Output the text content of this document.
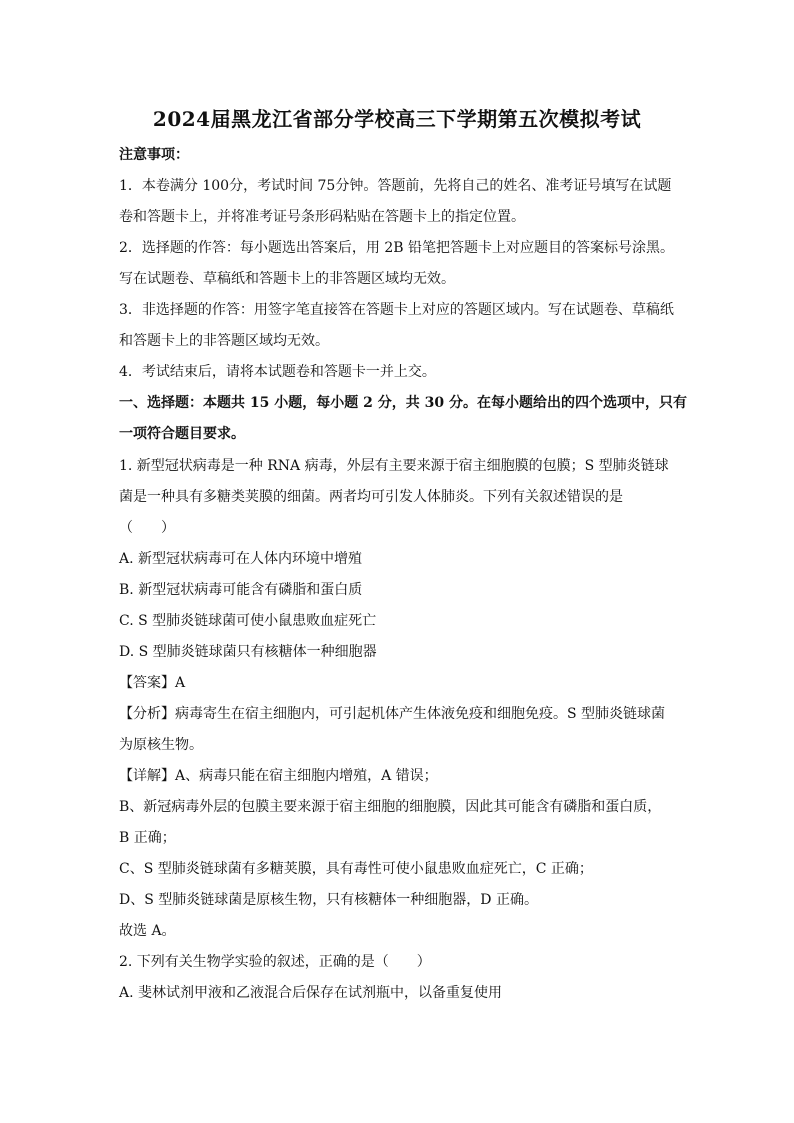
2024届黑龙江省部分学校高三下学期第五次模拟考试
注意事项：
1．本卷满分 100分，考试时间 75分钟。答题前，先将自己的姓名、准考证号填写在试题
卷和答题卡上，并将准考证号条形码粘贴在答题卡上的指定位置。
2．选择题的作答：每小题选出答案后，用 2B 铅笔把答题卡上对应题目的答案标号涂黑。
写在试题卷、草稿纸和答题卡上的非答题区域均无效。
3．非选择题的作答：用签字笔直接答在答题卡上对应的答题区域内。写在试题卷、草稿纸
和答题卡上的非答题区域均无效。
4．考试结束后，请将本试题卷和答题卡一并上交。
一、选择题：本题共 15 小题，每小题 2 分，共 30 分。在每小题给出的四个选项中，只有
一项符合题目要求。
1. 新型冠状病毒是一种 RNA 病毒，外层有主要来源于宿主细胞膜的包膜；S 型肺炎链球
菌是一种具有多糖类荚膜的细菌。两者均可引发人体肺炎。下列有关叙述错误的是
（　　）
A. 新型冠状病毒可在人体内环境中增殖
B. 新型冠状病毒可能含有磷脂和蛋白质
C. S 型肺炎链球菌可使小鼠患败血症死亡
D. S 型肺炎链球菌只有核糖体一种细胞器
【答案】A
【分析】病毒寄生在宿主细胞内，可引起机体产生体液免疫和细胞免疫。S 型肺炎链球菌
为原核生物。
【详解】A、病毒只能在宿主细胞内增殖，A 错误；
B、新冠病毒外层的包膜主要来源于宿主细胞的细胞膜，因此其可能含有磷脂和蛋白质，
B 正确；
C、S 型肺炎链球菌有多糖荚膜，具有毒性可使小鼠患败血症死亡，C 正确；
D、S 型肺炎链球菌是原核生物，只有核糖体一种细胞器，D 正确。
故选 A。
2. 下列有关生物学实验的叙述，正确的是（　　）
A. 斐林试剂甲液和乙液混合后保存在试剂瓶中，以备重复使用
